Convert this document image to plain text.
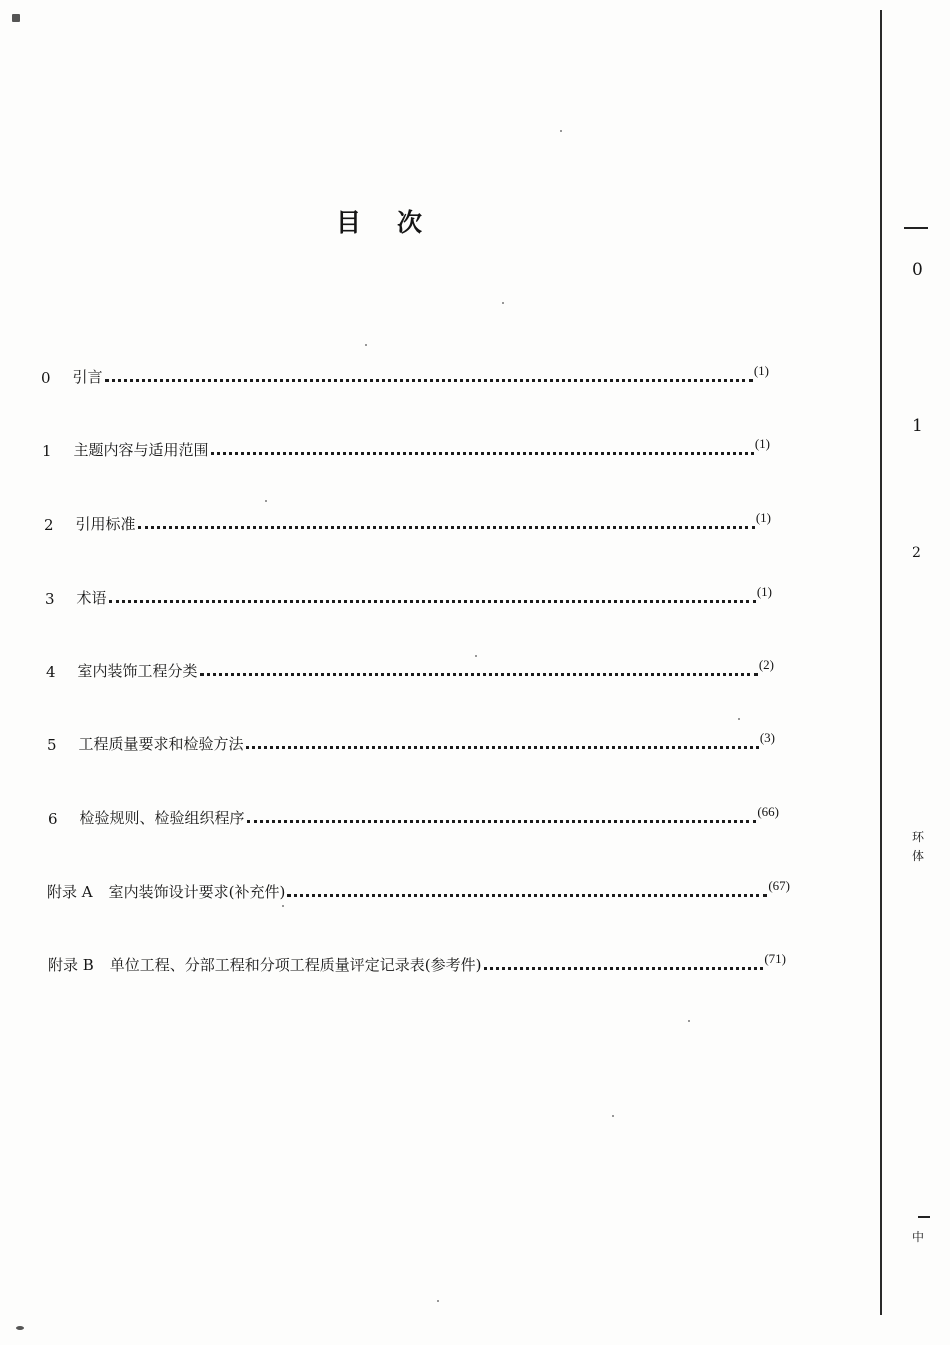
目 次
0 引言	(1)
1 主题内容与适用范围	(1)
2 引用标准	(1)
3 术语	(1)
4 室内装饰工程分类	(2)
5 工程质量要求和检验方法	(3)
6 检验规则、检验组织程序	(66)
附录 A 室内装饰设计要求(补充件)	(67)
附录 B 单位工程、分部工程和分项工程质量评定记录表(参考件)	(71)
0
1
2
环
体
中
